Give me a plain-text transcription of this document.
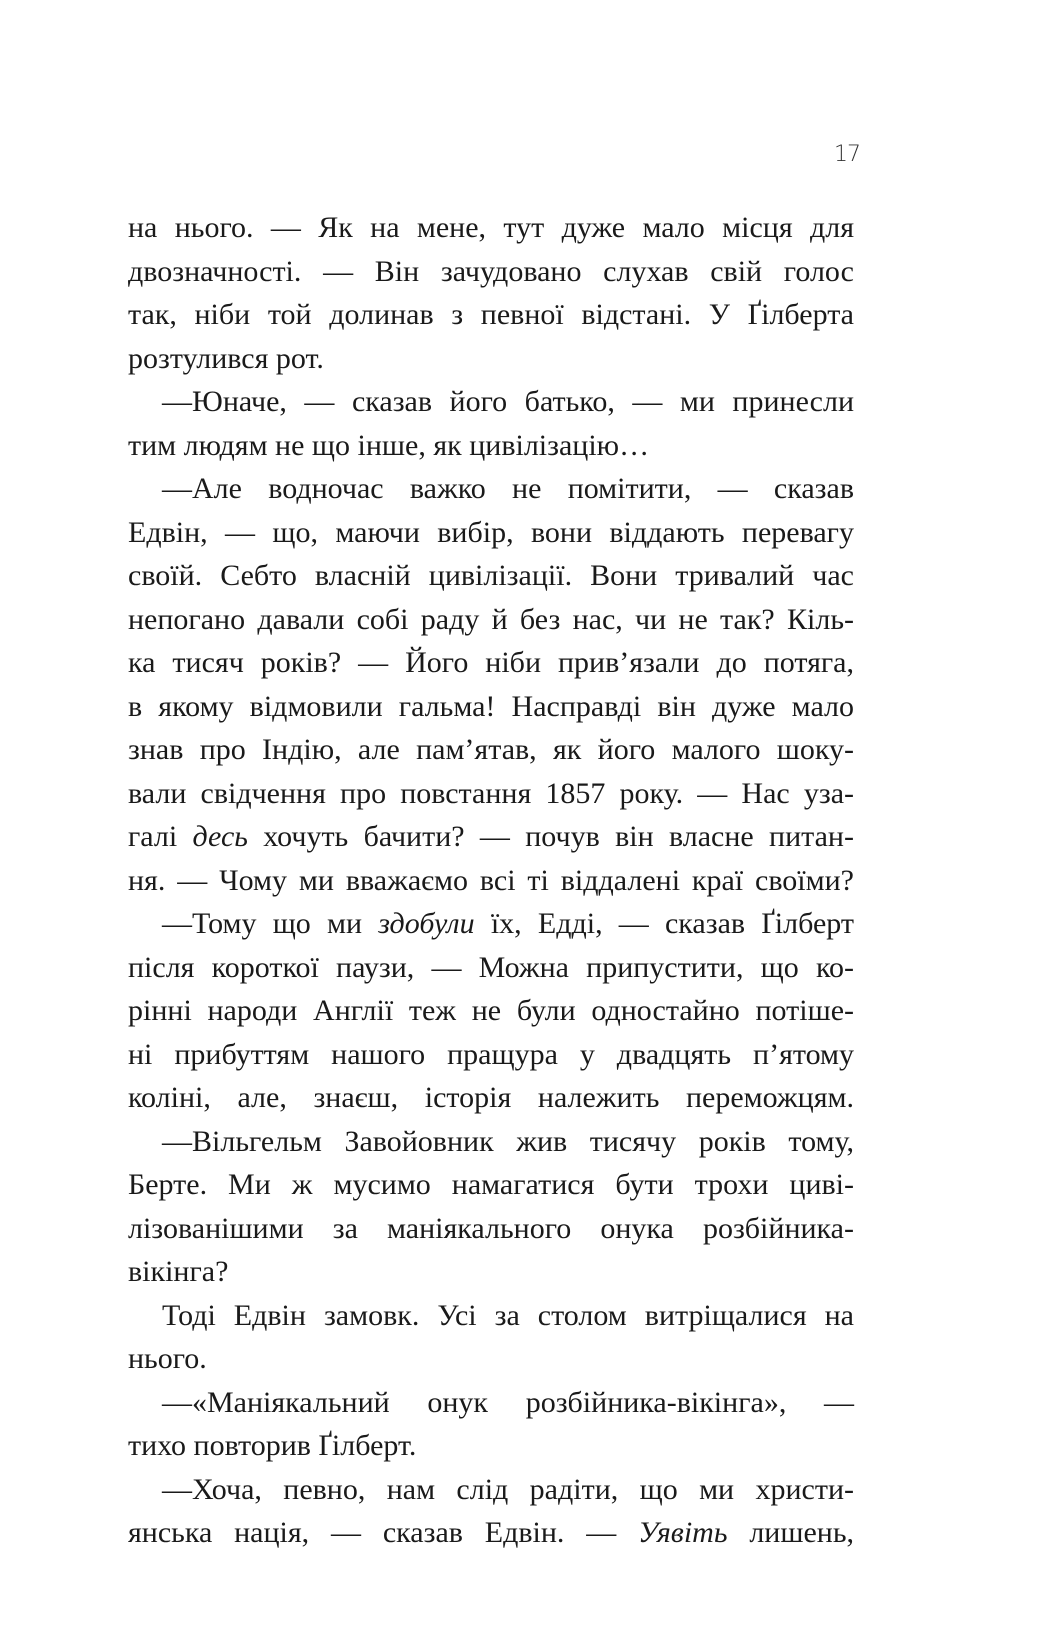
17
на нього. — Як на мене, тут дуже мало місця для
двозначності. — Він зачудовано слухав свій голос
так, ніби той долинав з певної відстані. У Ґілберта
розтулився рот.
—Юначе, — сказав його батько, — ми принесли
тим людям не що інше, як цивілізацію…
—Але водночас важко не помітити, — сказав
Едвін, — що, маючи вибір, вони віддають перевагу
своїй. Себто власній цивілізації. Вони тривалий час
непогано давали собі раду й без нас, чи не так? Кіль-
ка тисяч років? — Його ніби прив’язали до потяга,
в якому відмовили гальма! Насправді він дуже мало
знав про Індію, але пам’ятав, як його малого шоку-
вали свідчення про повстання 1857 року. — Нас уза-
галі десь хочуть бачити? — почув він власне питан-
ня. — Чому ми вважаємо всі ті віддалені краї своїми?
—Тому що ми здобули їх, Едді, — сказав Ґілберт
після короткої паузи, — Можна припустити, що ко-
рінні народи Англії теж не були одностайно потіше-
ні прибуттям нашого пращура у двадцять п’ятому
коліні, але, знаєш, історія належить переможцям.
—Вільгельм Завойовник жив тисячу років тому,
Берте. Ми ж мусимо намагатися бути трохи циві-
лізованішими за маніякального онука розбійника-
вікінга?
Тоді Едвін замовк. Усі за столом витріщалися на
нього.
—«Маніякальний онук розбійника-вікінга», —
тихо повторив Ґілберт.
—Хоча, певно, нам слід радіти, що ми христи-
янська нація, — сказав Едвін. — Уявіть лишень,
